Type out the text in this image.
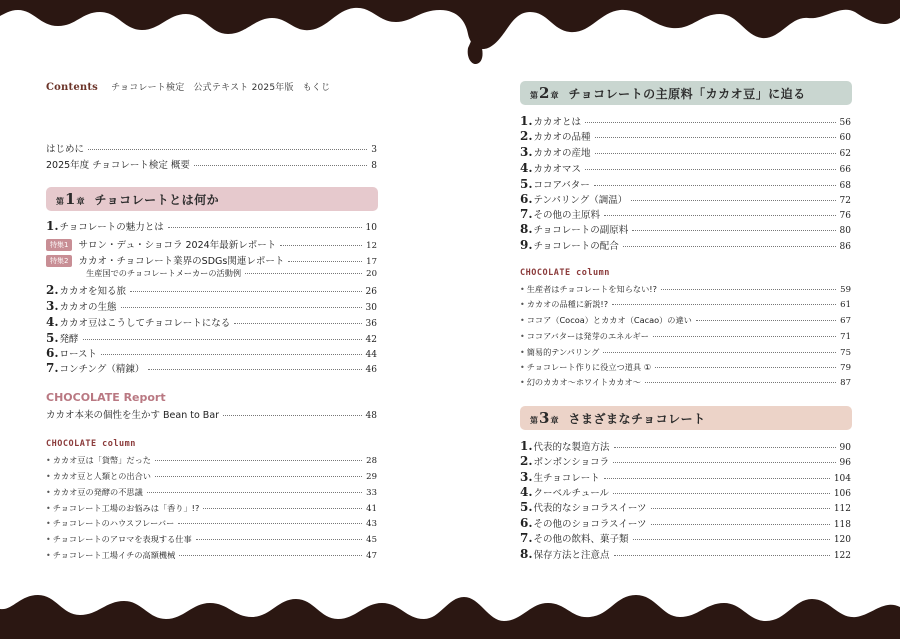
Contents チョコレート検定 公式テキスト 2025年版 もくじ
はじめに	3
2025年度 チョコレート検定 概要	8
第1章 チョコレートとは何か
1. チョコレートの魅力とは	10
特集1	サロン・デュ・ショコラ 2024年最新レポート	12
特集2	カカオ・チョコレート業界のSDGs関連レポート	17
生産国でのチョコレートメーカーの活動例	20
2. カカオを知る旅	26
3. カカオの生態	30
4. カカオ豆はこうしてチョコレートになる	36
5. 発酵	42
6. ロースト	44
7. コンチング（精錬）	46
CHOCOLATE Report
カカオ本来の個性を生かす Bean to Bar	48
CHOCOLATE column
• カカオ豆は「貨幣」だった	28
• カカオ豆と人類との出合い	29
• カカオ豆の発酵の不思議	33
• チョコレート工場のお悩みは「香り」!?	41
• チョコレートのハウスフレーバー	43
• チョコレートのアロマを表現する仕事	45
• チョコレート工場イチの高額機械	47
第2章 チョコレートの主原料「カカオ豆」に迫る
1. カカオとは	56
2. カカオの品種	60
3. カカオの産地	62
4. カカオマス	66
5. ココアバター	68
6. テンパリング（調温）	72
7. その他の主原料	76
8. チョコレートの副原料	80
9. チョコレートの配合	86
CHOCOLATE column
• 生産者はチョコレートを知らない!?	59
• カカオの品種に新説!?	61
• ココア（Cocoa）とカカオ（Cacao）の違い	67
• ココアバターは発芽のエネルギー	71
• 簡易的テンパリング	75
• チョコレート作りに役立つ道具 ①	79
• 幻のカカオ〜ホワイトカカオ〜	87
第3章 さまざまなチョコレート
1. 代表的な製造方法	90
2. ボンボンショコラ	96
3. 生チョコレート	104
4. クーベルチュール	106
5. 代表的なショコラスイーツ	112
6. その他のショコラスイーツ	118
7. その他の飲料、菓子類	120
8. 保存方法と注意点	122
